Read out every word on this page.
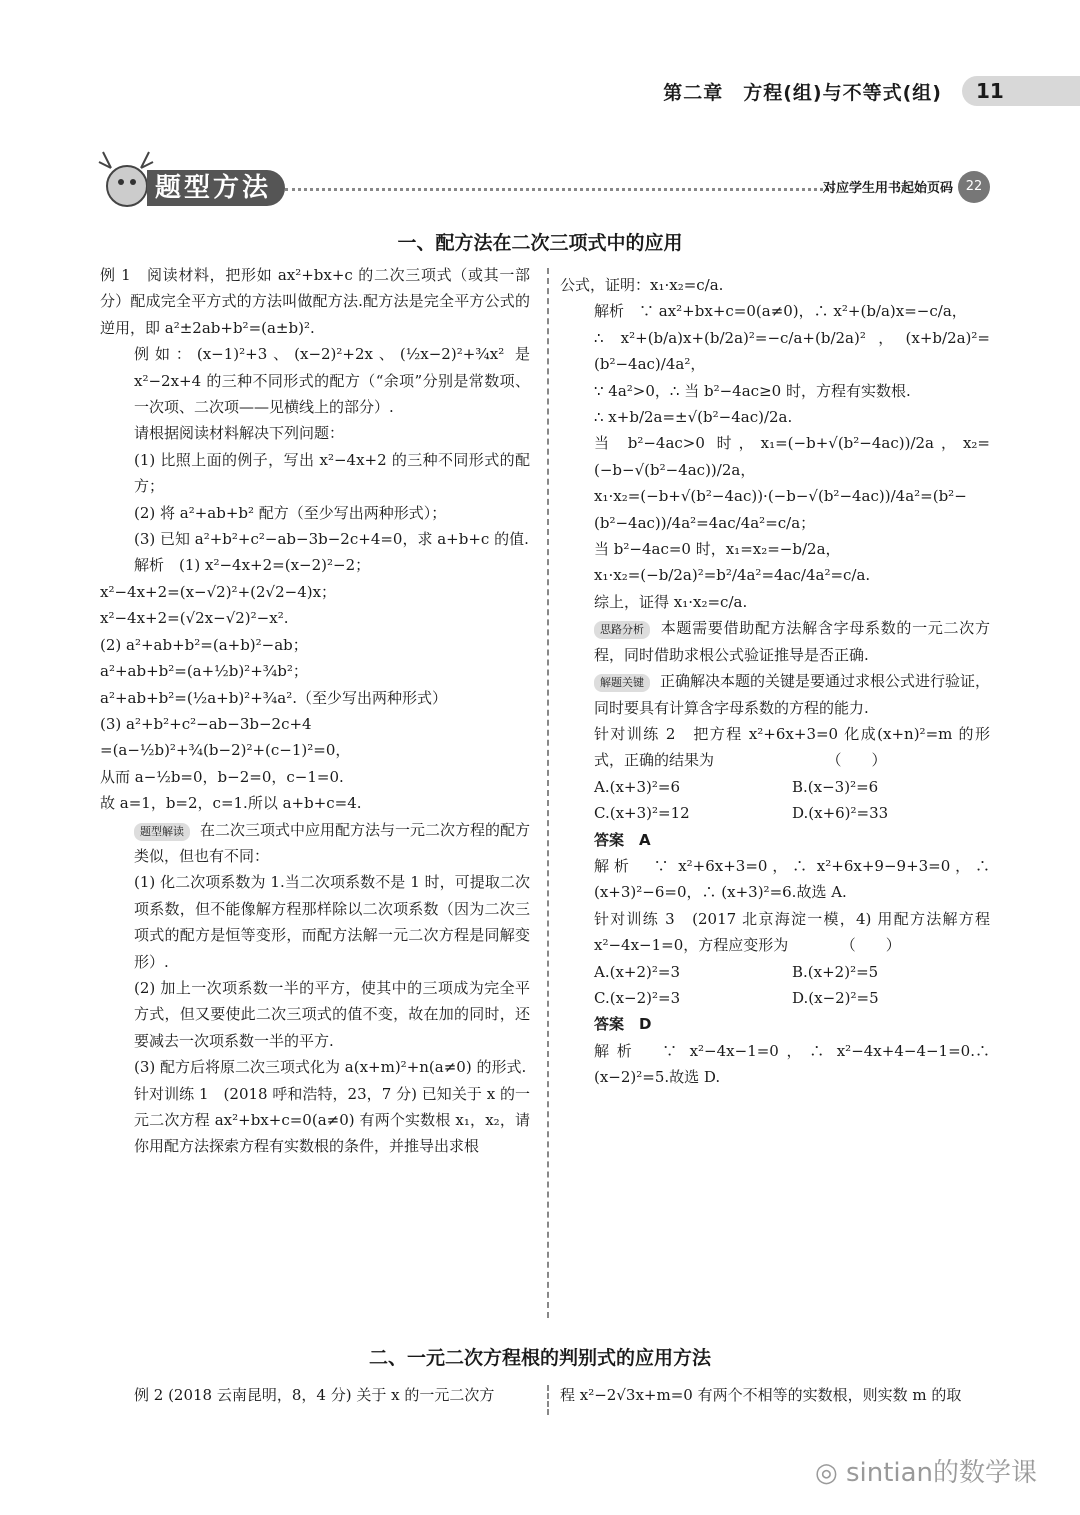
第二章　方程(组)与不等式(组)	11
题型方法	对应学生用书起始页码 22
一、配方法在二次三项式中的应用

例 1　阅读材料，把形如 ax²+bx+c 的二次三项式（或其一部分）配成完全平方式的方法叫做配方法.配方法是完全平方公式的逆用，即 a²±2ab+b²=(a±b)².

例如：(x−1)²+3、(x−2)²+2x、(½x−2)²+¾x² 是 x²−2x+4 的三种不同形式的配方（“余项”分别是常数项、一次项、二次项——见横线上的部分）.

请根据阅读材料解决下列问题：

(1) 比照上面的例子，写出 x²−4x+2 的三种不同形式的配方；

(2) 将 a²+ab+b² 配方（至少写出两种形式）；

(3) 已知 a²+b²+c²−ab−3b−2c+4=0，求 a+b+c 的值.

解析　(1) x²−4x+2=(x−2)²−2；

x²−4x+2=(x−√2)²+(2√2−4)x；

x²−4x+2=(√2x−√2)²−x².

(2) a²+ab+b²=(a+b)²−ab；

a²+ab+b²=(a+½b)²+¾b²；

a²+ab+b²=(½a+b)²+¾a².（至少写出两种形式）

(3) a²+b²+c²−ab−3b−2c+4

=(a−½b)²+¾(b−2)²+(c−1)²=0，

从而 a−½b=0，b−2=0，c−1=0.

故 a=1，b=2，c=1.所以 a+b+c=4.

题型解读 在二次三项式中应用配方法与一元二次方程的配方类似，但也有不同：

(1) 化二次项系数为 1.当二次项系数不是 1 时，可提取二次项系数，但不能像解方程那样除以二次项系数（因为二次三项式的配方是恒等变形，而配方法解一元二次方程是同解变形）.

(2) 加上一次项系数一半的平方，使其中的三项成为完全平方式，但又要使此二次三项式的值不变，故在加的同时，还要减去一次项系数一半的平方.

(3) 配方后将原二次三项式化为 a(x+m)²+n(a≠0) 的形式.

针对训练 1　(2018 呼和浩特，23，7 分) 已知关于 x 的一元二次方程 ax²+bx+c=0(a≠0) 有两个实数根 x₁，x₂，请你用配方法探索方程有实数根的条件，并推导出求根

公式，证明：x₁·x₂=c/a.

解析　∵ ax²+bx+c=0(a≠0)，∴ x²+(b/a)x=−c/a，

∴ x²+(b/a)x+(b/2a)²=−c/a+(b/2a)²，(x+b/2a)²=(b²−4ac)/4a²，

∵ 4a²>0，∴ 当 b²−4ac≥0 时，方程有实数根.

∴ x+b/2a=±√(b²−4ac)/2a.

当 b²−4ac>0 时，x₁=(−b+√(b²−4ac))/2a，x₂=(−b−√(b²−4ac))/2a，

x₁·x₂=(−b+√(b²−4ac))·(−b−√(b²−4ac))/4a²=(b²−(b²−4ac))/4a²=4ac/4a²=c/a；

当 b²−4ac=0 时，x₁=x₂=−b/2a，

x₁·x₂=(−b/2a)²=b²/4a²=4ac/4a²=c/a.

综上，证得 x₁·x₂=c/a.

思路分析 本题需要借助配方法解含字母系数的一元二次方程，同时借助求根公式验证推导是否正确.

解题关键 正确解决本题的关键是要通过求根公式进行验证，同时要具有计算含字母系数的方程的能力.

针对训练 2　把方程 x²+6x+3=0 化成(x+n)²=m 的形式，正确的结果为　　　　　　　　（　　）

A.(x+3)²=6	B.(x−3)²=6

C.(x+3)²=12	D.(x+6)²=33

答案　A

解析　∵ x²+6x+3=0，∴ x²+6x+9−9+3=0，∴ (x+3)²−6=0，∴ (x+3)²=6.故选 A.

针对训练 3　(2017 北京海淀一模，4) 用配方法解方程 x²−4x−1=0，方程应变形为　　　　（　　）

A.(x+2)²=3	B.(x+2)²=5

C.(x−2)²=3	D.(x−2)²=5

答案　D

解析　∵ x²−4x−1=0，∴ x²−4x+4−4−1=0.∴ (x−2)²=5.故选 D.

二、一元二次方程根的判别式的应用方法

例 2 (2018 云南昆明，8，4 分) 关于 x 的一元二次方	程 x²−2√3x+m=0 有两个不相等的实数根，则实数 m 的取

◎ sintian的数学课
